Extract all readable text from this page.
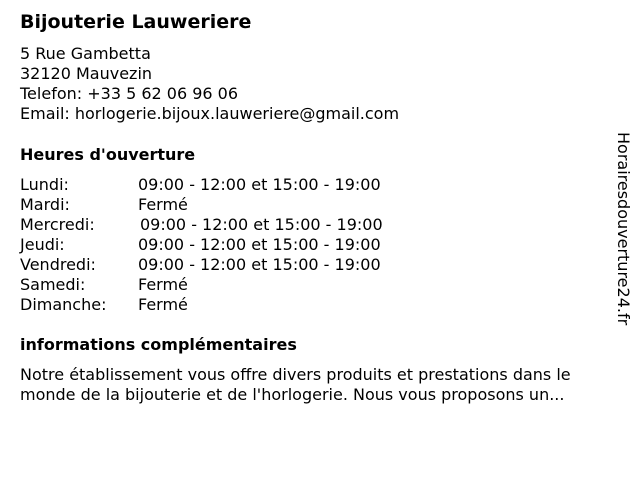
Bijouterie Lauweriere
5 Rue Gambetta
32120 Mauvezin
Telefon: +33 5 62 06 96 06
Email: horlogerie.bijoux.lauweriere@gmail.com
Heures d'ouverture
Lundi:	09:00 - 12:00 et 15:00 - 19:00
Mardi:	Fermé
Mercredi:	09:00 - 12:00 et 15:00 - 19:00
Jeudi:	09:00 - 12:00 et 15:00 - 19:00
Vendredi:	09:00 - 12:00 et 15:00 - 19:00
Samedi:	Fermé
Dimanche: Fermé
informations complémentaires
Notre établissement vous offre divers produits et prestations dans le
monde de la bijouterie et de l'horlogerie. Nous vous proposons un...
Horairesdouverture24.fr
